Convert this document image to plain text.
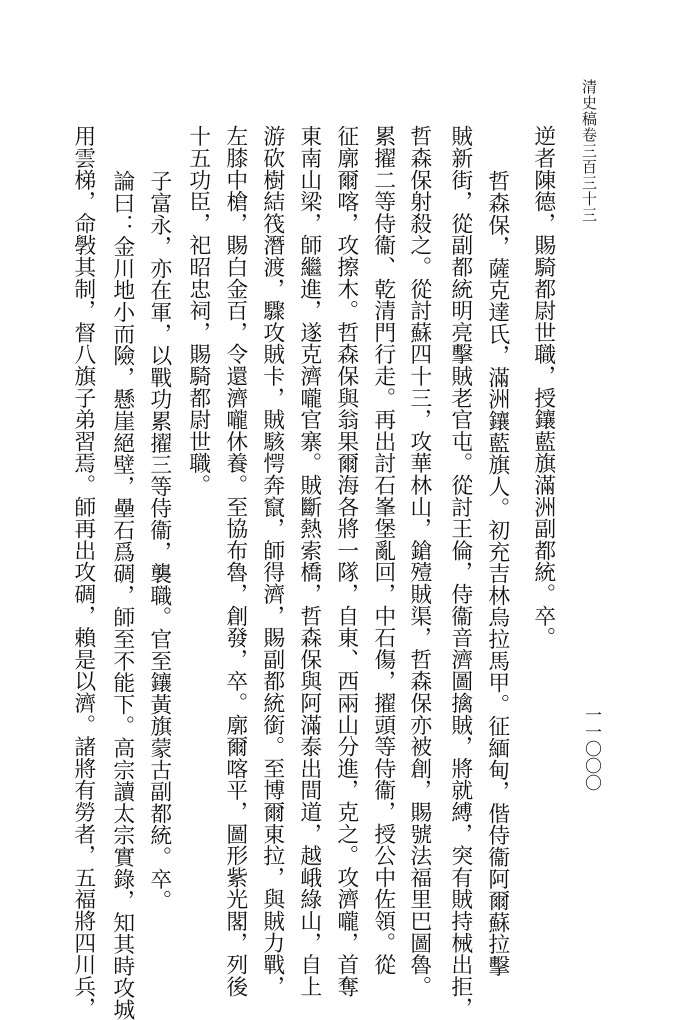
清史稿卷三百三十三
一一〇〇〇
逆者陳德，賜騎都尉世職，授鑲藍旗滿洲副都統。卒。
哲森保，薩克達氏，滿洲鑲藍旗人。初充吉林烏拉馬甲。征緬甸，偕侍衞阿爾蘇拉擊
賊新街，從副都統明亮擊賊老官屯。從討王倫，侍衞音濟圖擒賊，將就縛，突有賊持械出拒，
哲森保射殺之。從討蘇四十三，攻華林山，鎗殪賊渠，哲森保亦被創，賜號法福里巴圖魯。
累擢二等侍衞、乾清門行走。再出討石峯堡亂回，中石傷，擢頭等侍衞，授公中佐領。從
征廓爾喀，攻擦木。哲森保與翁果爾海各將一隊，自東、西兩山分進，克之。攻濟嚨，首奪
東南山梁，師繼進，遂克濟嚨官寨。賊斷熱索橋，哲森保與阿滿泰出間道，越峨綠山，自上
游砍樹結筏潛渡，驟攻賊卡，賊駭愕奔竄，師得濟，賜副都統銜。至博爾東拉，與賊力戰，
左膝中槍，賜白金百，令還濟嚨休養。至協布魯，創發，卒。廓爾喀平，圖形紫光閣，列後
十五功臣，祀昭忠祠，賜騎都尉世職。
子富永，亦在軍，以戰功累擢三等侍衞，襲職。官至鑲黃旗蒙古副都統。卒。
論曰：金川地小而險，懸崖絕壁，壘石爲碉，師至不能下。高宗讀太宗實錄，知其時攻城
用雲梯，命斅其制，督八旗子弟習焉。師再出攻碉，賴是以濟。諸將有勞者，五福將四川兵，
